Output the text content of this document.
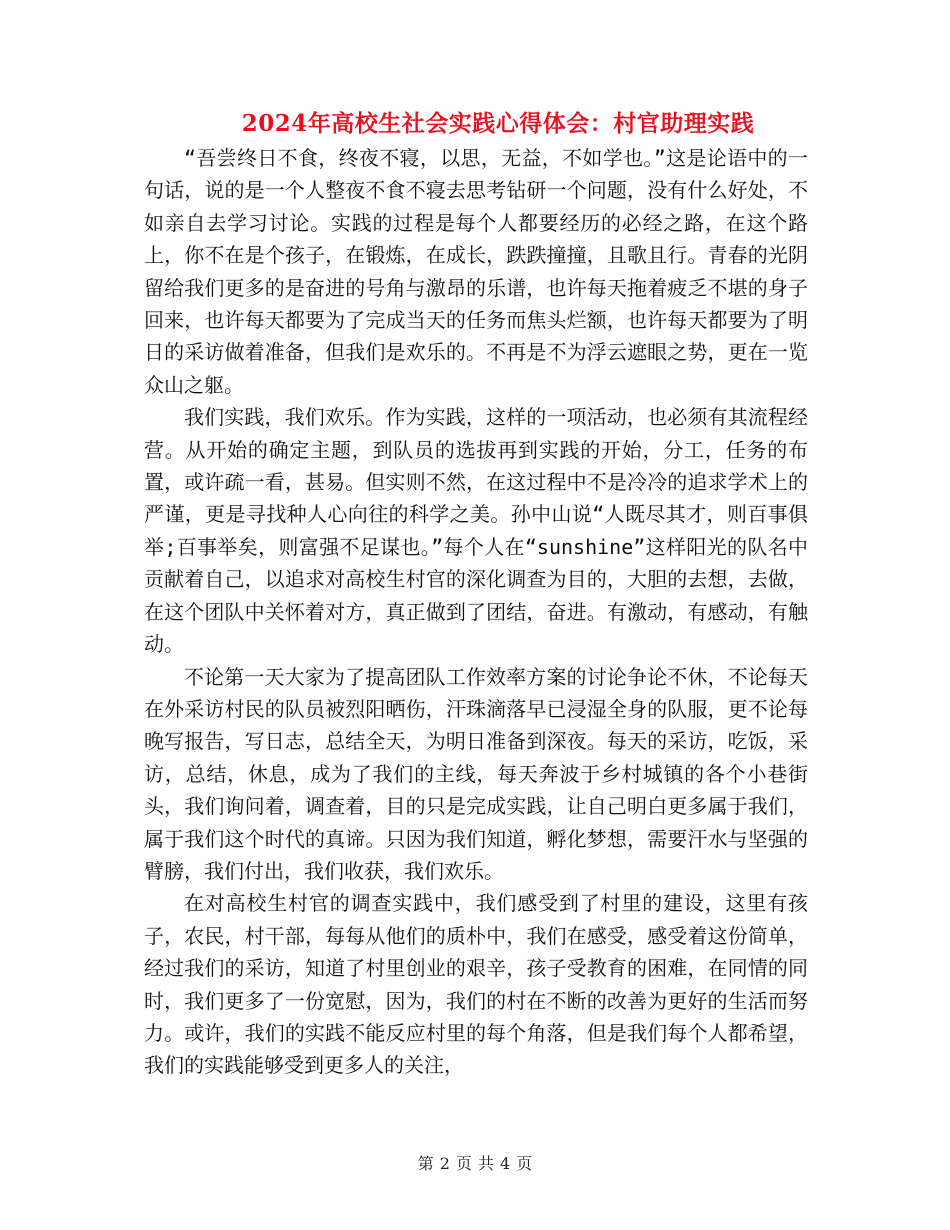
2024年高校生社会实践心得体会：村官助理实践

“吾尝终日不食，终夜不寝，以思，无益，不如学也。”这是论语中的一句话，说的是一个人整夜不食不寝去思考钻研一个问题，没有什么好处，不如亲自去学习讨论。实践的过程是每个人都要经历的必经之路，在这个路上，你不在是个孩子，在锻炼，在成长，跌跌撞撞，且歌且行。青春的光阴留给我们更多的是奋进的号角与激昂的乐谱，也许每天拖着疲乏不堪的身子回来，也许每天都要为了完成当天的任务而焦头烂额，也许每天都要为了明日的采访做着准备，但我们是欢乐的。不再是不为浮云遮眼之势，更在一览众山之躯。

我们实践，我们欢乐。作为实践，这样的一项活动，也必须有其流程经营。从开始的确定主题，到队员的选拔再到实践的开始，分工，任务的布置，或许疏一看，甚易。但实则不然，在这过程中不是冷冷的追求学术上的严谨，更是寻找种人心向往的科学之美。孙中山说“人既尽其才，则百事俱举;百事举矣，则富强不足谋也。”每个人在“sunshine”这样阳光的队名中贡献着自己，以追求对高校生村官的深化调查为目的，大胆的去想，去做，在这个团队中关怀着对方，真正做到了团结，奋进。有激动，有感动，有触动。

不论第一天大家为了提高团队工作效率方案的讨论争论不休，不论每天在外采访村民的队员被烈阳晒伤，汗珠滴落早已浸湿全身的队服，更不论每晚写报告，写日志，总结全天，为明日准备到深夜。每天的采访，吃饭，采访，总结，休息，成为了我们的主线，每天奔波于乡村城镇的各个小巷街头，我们询问着，调查着，目的只是完成实践，让自己明白更多属于我们，属于我们这个时代的真谛。只因为我们知道，孵化梦想，需要汗水与坚强的臂膀，我们付出，我们收获，我们欢乐。

在对高校生村官的调查实践中，我们感受到了村里的建设，这里有孩子，农民，村干部，每每从他们的质朴中，我们在感受，感受着这份简单，经过我们的采访，知道了村里创业的艰辛，孩子受教育的困难，在同情的同时，我们更多了一份宽慰，因为，我们的村在不断的改善为更好的生活而努力。或许，我们的实践不能反应村里的每个角落，但是我们每个人都希望，我们的实践能够受到更多人的关注，

第 2 页 共 4 页
